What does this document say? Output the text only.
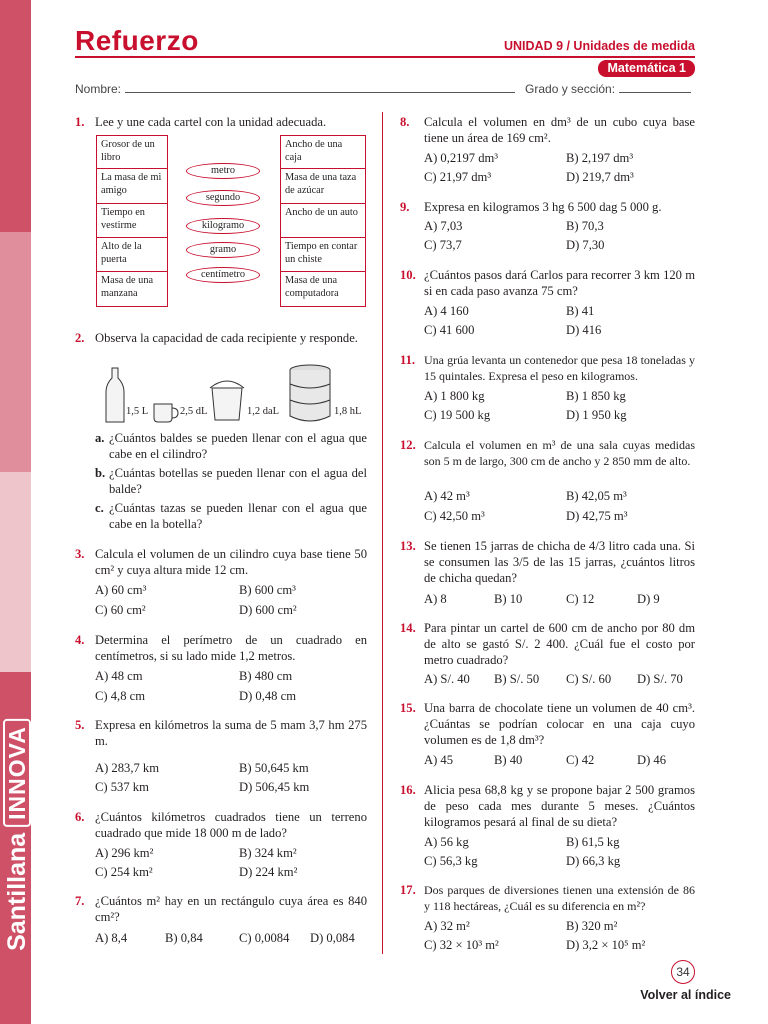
Santillana
INNOVA
Refuerzo	UNIDAD 9 / Unidades de medida
Matemática 1
Nombre:	Grado y sección:
1. Lee y une cada cartel con la unidad adecuada.
Grosor de un libro
La masa de mi amigo
Tiempo en vestirme
Alto de la puerta
Masa de una manzana
metro
segundo
kilogramo
gramo
centímetro
Ancho de una caja
Masa de una taza de azúcar
Ancho de un auto
Tiempo en contar un chiste
Masa de una computadora
2. Observa la capacidad de cada recipiente y responde.
1,5 L	2,5 dL	1,2 daL	1,8 hL
a. ¿Cuántos baldes se pueden llenar con el agua que cabe en el cilindro?
b. ¿Cuántas botellas se pueden llenar con el agua del balde?
c. ¿Cuántas tazas se pueden llenar con el agua que cabe en la botella?
3. Calcula el volumen de un cilindro cuya base tiene 50 cm² y cuya altura mide 12 cm.
A) 60 cm³	B) 600 cm³
C) 60 cm²	D) 600 cm²
4. Determina el perímetro de un cuadrado en centímetros, si su lado mide 1,2 metros.
A) 48 cm	B) 480 cm
C) 4,8 cm	D) 0,48 cm
5. Expresa en kilómetros la suma de 5 mam 3,7 hm 275 m.
A) 283,7 km	B) 50,645 km
C) 537 km	D) 506,45 km
6. ¿Cuántos kilómetros cuadrados tiene un terreno cuadrado que mide 18 000 m de lado?
A) 296 km²	B) 324 km²
C) 254 km²	D) 224 km²
7. ¿Cuántos m² hay en un rectángulo cuya área es 840 cm²?
A) 8,4	B) 0,84	C) 0,0084 D) 0,084
8. Calcula el volumen en dm³ de un cubo cuya base tiene un área de 169 cm².
A) 0,2197 dm³	B) 2,197 dm³
C) 21,97 dm³	D) 219,7 dm³
9. Expresa en kilogramos 3 hg 6 500 dag 5 000 g.
A) 7,03	B) 70,3
C) 73,7	D) 7,30
10. ¿Cuántos pasos dará Carlos para recorrer 3 km 120 m si en cada paso avanza 75 cm?
A) 4 160	B) 41
C) 41 600	D) 416
11. Una grúa levanta un contenedor que pesa 18 toneladas y 15 quintales. Expresa el peso en kilogramos.
A) 1 800 kg	B) 1 850 kg
C) 19 500 kg	D) 1 950 kg
12. Calcula el volumen en m³ de una sala cuyas medidas son 5 m de largo, 300 cm de ancho y 2 850 mm de alto.
A) 42 m³	B) 42,05 m³
C) 42,50 m³	D) 42,75 m³
13. Se tienen 15 jarras de chicha de 4/3 litro cada una. Si se consumen las 3/5 de las 15 jarras, ¿cuántos litros de chicha quedan?
A) 8	B) 10	C) 12	D) 9
14. Para pintar un cartel de 600 cm de ancho por 80 dm de alto se gastó S/. 2 400. ¿Cuál fue el costo por metro cuadrado?
A) S/. 40 B) S/. 50 C) S/. 60 D) S/. 70
15. Una barra de chocolate tiene un volumen de 40 cm³. ¿Cuántas se podrían colocar en una caja cuyo volumen es de 1,8 dm³?
A) 45	B) 40	C) 42	D) 46
16. Alicia pesa 68,8 kg y se propone bajar 2 500 gramos de peso cada mes durante 5 meses. ¿Cuántos kilogramos pesará al final de su dieta?
A) 56 kg	B) 61,5 kg
C) 56,3 kg	D) 66,3 kg
17. Dos parques de diversiones tienen una extensión de 86 y 118 hectáreas, ¿Cuál es su diferencia en m²?
A) 32 m²	B) 320 m²
C) 32 × 10³ m²	D) 3,2 × 10⁵ m²
34
Volver al índice
